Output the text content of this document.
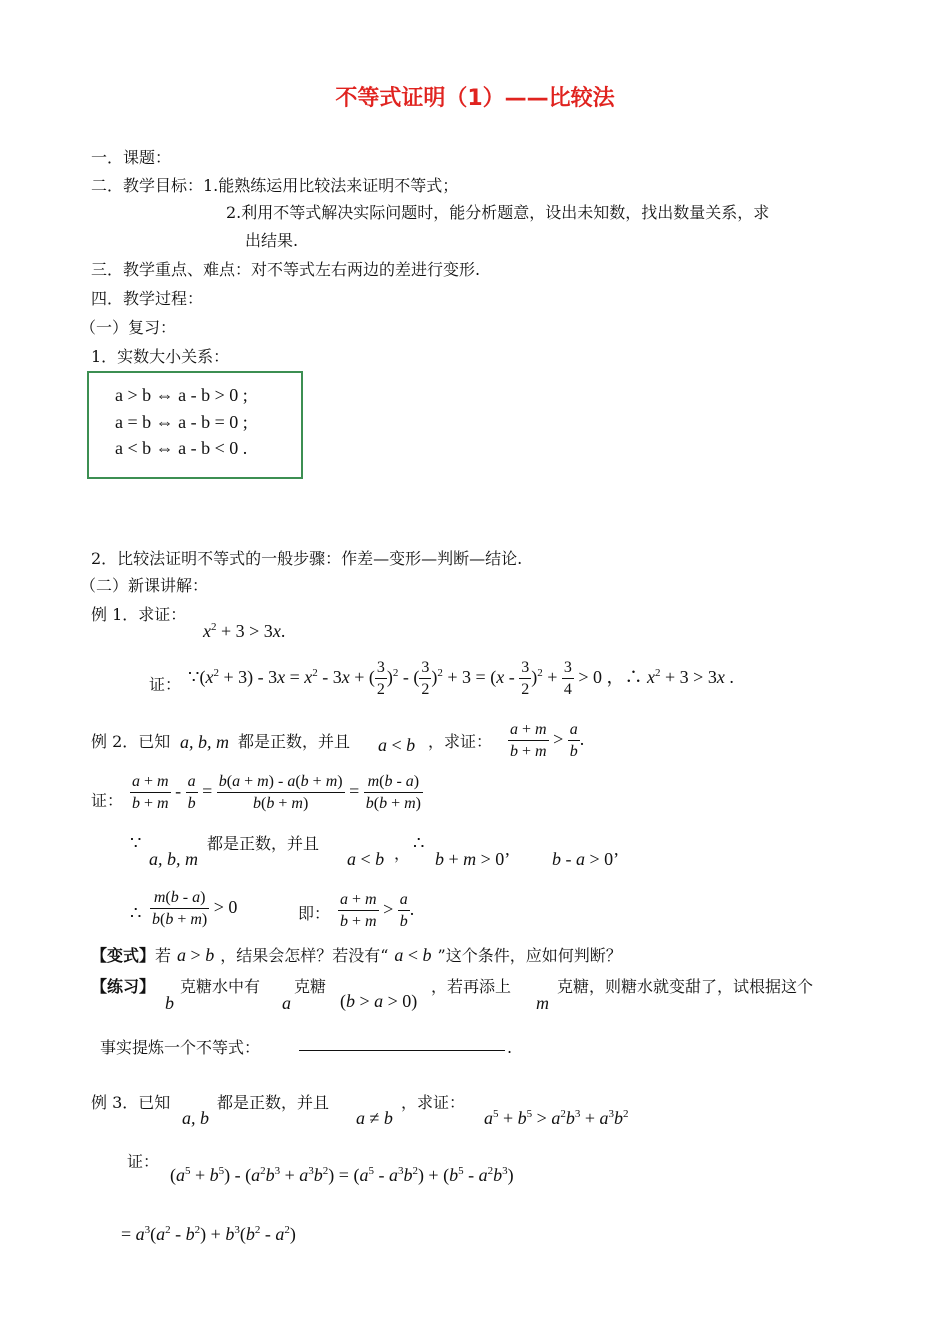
不等式证明（1）——比较法
一．课题：
二．教学目标：1.能熟练运用比较法来证明不等式；
2.利用不等式解决实际问题时，能分析题意，设出未知数，找出数量关系，求
出结果.
三．教学重点、难点：对不等式左右两边的差进行变形.
四．教学过程：
（一）复习：
1．实数大小关系：
a > b ⇔ a - b > 0 ;
a = b ⇔ a - b = 0 ;
a < b ⇔ a - b < 0 .
2．比较法证明不等式的一般步骤：作差—变形—判断—结论.
（二）新课讲解：
例 1．求证：
$x^2 + 3 > 3x$.
证： $\because(x^2 + 3) - 3x = x^2 - 3x$ + ( $\frac{3}{2} )^2$ - ( $\frac{3}{2} )^2 + 3 = (x - \frac{3}{2} )^2 + \frac{3}{4} > 0$ ，∴ $x^2 + 3 > 3x$ .
例 2．已知 a, b, m 都是正数，并且 a < b ，求证： $\frac{a + m}{b + m} > \frac{a}{b}$ .
证： $\frac{a + m}{b + m} - \frac{a}{b} = \frac{b(a + m) - a(b + m)}{b(b + m)} = \frac{m(b - a)}{b(b + m)}$
∵
a, b, m
都是正数，并且
a < b ，
∴
b + m > 0’ b - a > 0’
∴ $\frac{m(b - a)}{b(b + m)} > 0$	即： $\frac{a + m}{b + m} > \frac{a}{b}$ .
【变式】若 a > b ，结果会怎样？若没有“ a < b ”这个条件，应如何判断？
【练习】
b
克糖水中有
a
克糖
(b > a > 0)
，若再添上
m
克糖，则糖水就变甜了，试根据这个
事实提炼一个不等式：	.
例 3．已知
a, b
都是正数，并且
a ≠ b
，求证：
$a^5 + b^5 > a^2b^3 + a^3b^2$
证：
$(a^5 + b^5) - (a^2b^3 + a^3b^2) = (a^5 - a^3b^2) + (b^5 - a^2b^3)$
= $a^3(a^2 - b^2) + b^3(b^2 - a^2)$
